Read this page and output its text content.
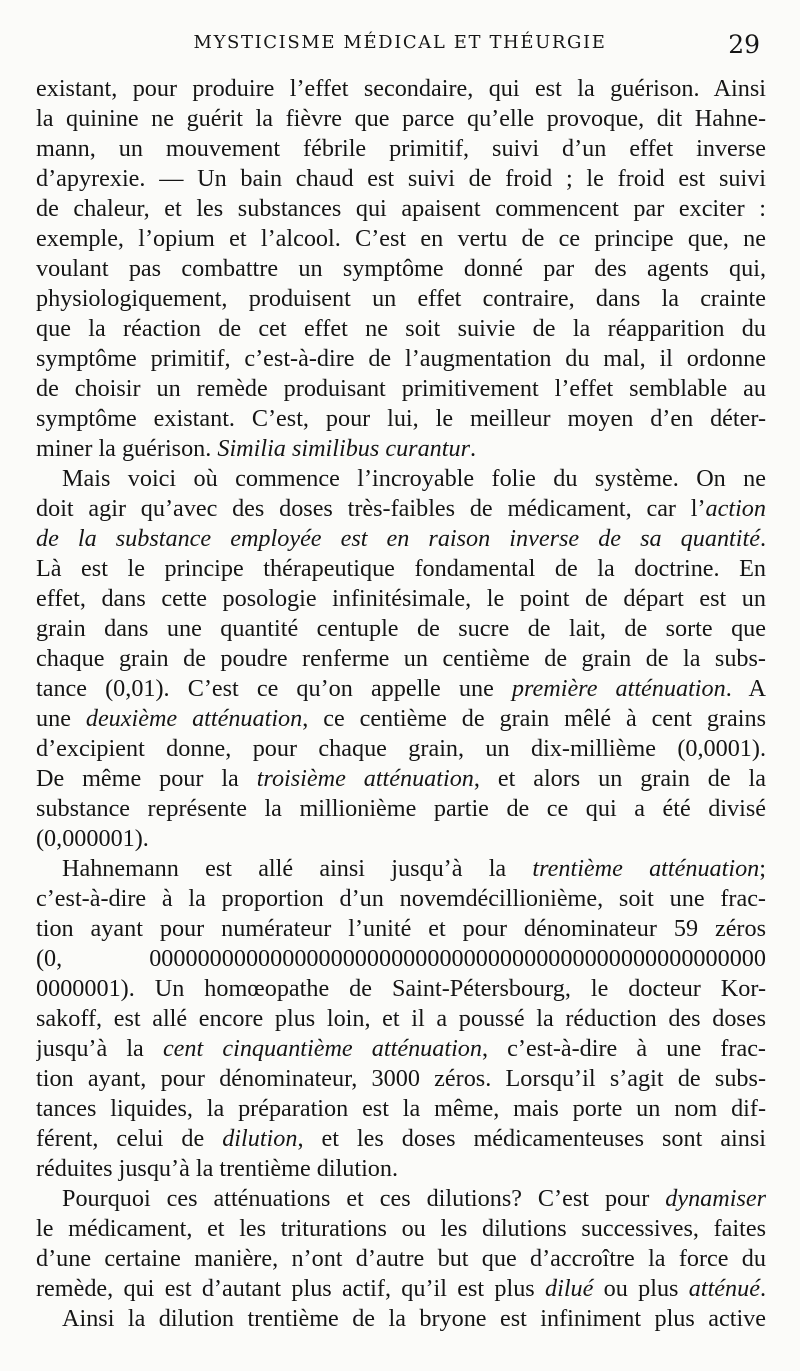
MYSTICISME MÉDICAL ET THÉURGIE	29
existant, pour produire l’effet secondaire, qui est la guérison. Ainsi
la quinine ne guérit la fièvre que parce qu’elle provoque, dit Hahne-
mann, un mouvement fébrile primitif, suivi d’un effet inverse
d’apyrexie. — Un bain chaud est suivi de froid ; le froid est suivi
de chaleur, et les substances qui apaisent commencent par exciter :
exemple, l’opium et l’alcool. C’est en vertu de ce principe que, ne
voulant pas combattre un symptôme donné par des agents qui,
physiologiquement, produisent un effet contraire, dans la crainte
que la réaction de cet effet ne soit suivie de la réapparition du
symptôme primitif, c’est-à-dire de l’augmentation du mal, il ordonne
de choisir un remède produisant primitivement l’effet semblable au
symptôme existant. C’est, pour lui, le meilleur moyen d’en déter-
miner la guérison. Similia similibus curantur.
Mais voici où commence l’incroyable folie du système. On ne
doit agir qu’avec des doses très-faibles de médicament, car l’action
de la substance employée est en raison inverse de sa quantité.
Là est le principe thérapeutique fondamental de la doctrine. En
effet, dans cette posologie infinitésimale, le point de départ est un
grain dans une quantité centuple de sucre de lait, de sorte que
chaque grain de poudre renferme un centième de grain de la subs-
tance (0,01). C’est ce qu’on appelle une première atténuation. A
une deuxième atténuation, ce centième de grain mêlé à cent grains
d’excipient donne, pour chaque grain, un dix-millième (0,0001).
De même pour la troisième atténuation, et alors un grain de la
substance représente la millionième partie de ce qui a été divisé
(0,000001).
Hahnemann est allé ainsi jusqu’à la trentième atténuation;
c’est-à-dire à la proportion d’un novemdécillionième, soit une frac-
tion ayant pour numérateur l’unité et pour dénominateur 59 zéros
(0, 000000000000000000000000000000000000000000000000000
0000001). Un homœopathe de Saint-Pétersbourg, le docteur Kor-
sakoff, est allé encore plus loin, et il a poussé la réduction des doses
jusqu’à la cent cinquantième atténuation, c’est-à-dire à une frac-
tion ayant, pour dénominateur, 3000 zéros. Lorsqu’il s’agit de subs-
tances liquides, la préparation est la même, mais porte un nom dif-
férent, celui de dilution, et les doses médicamenteuses sont ainsi
réduites jusqu’à la trentième dilution.
Pourquoi ces atténuations et ces dilutions? C’est pour dynamiser
le médicament, et les triturations ou les dilutions successives, faites
d’une certaine manière, n’ont d’autre but que d’accroître la force du
remède, qui est d’autant plus actif, qu’il est plus dilué ou plus atténué.
Ainsi la dilution trentième de la bryone est infiniment plus active
